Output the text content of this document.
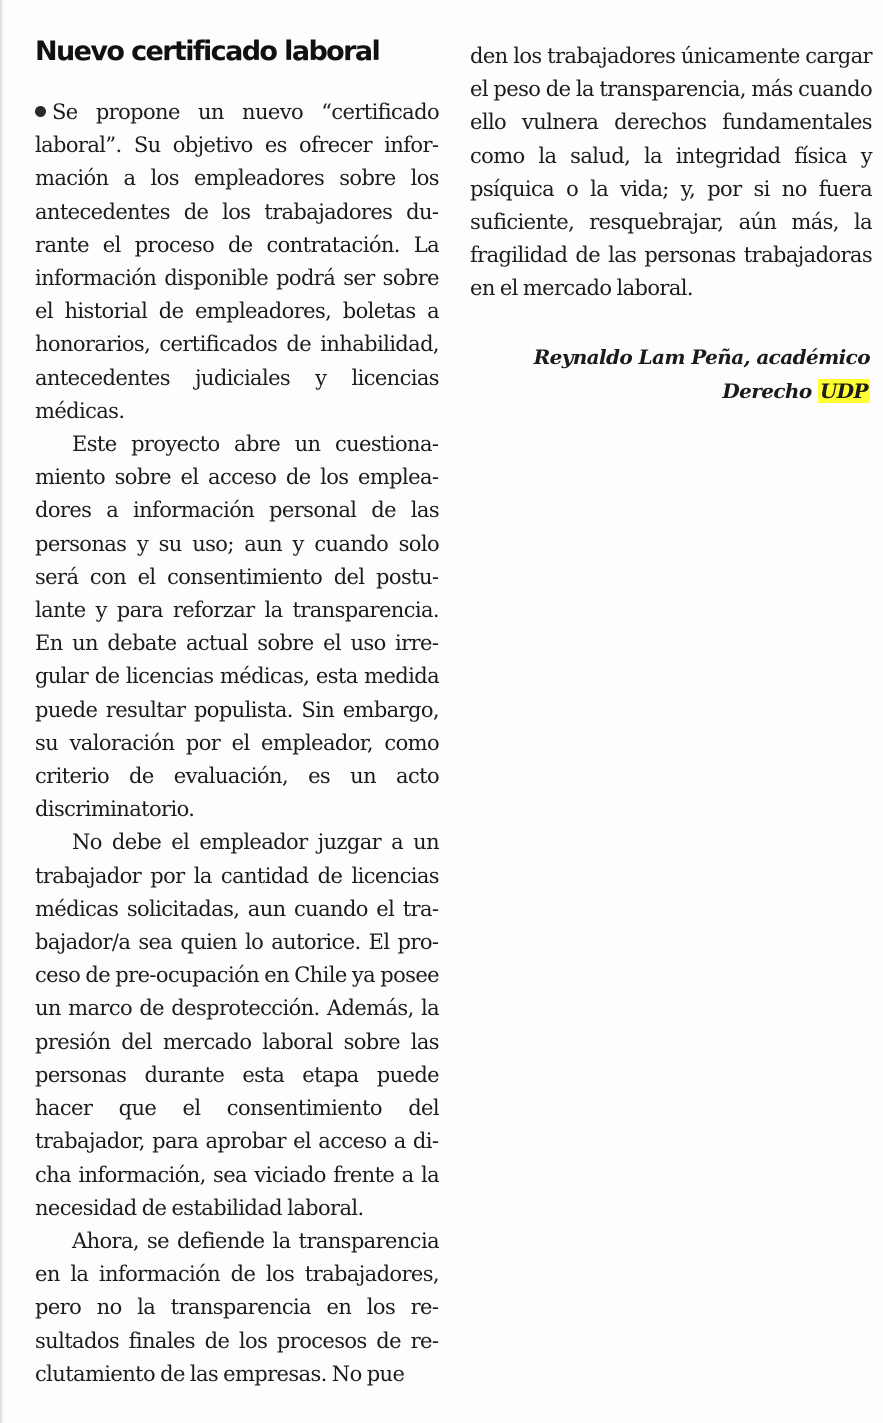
Nuevo certificado laboral

Se propone un nuevo “certificado laboral”. Su objetivo es ofrecer información a los empleadores sobre los antecedentes de los trabajadores durante el proceso de contratación. La información disponible podrá ser sobre el historial de empleadores, boletas a honorarios, certificados de inhabilidad, antecedentes judiciales y licencias médicas.

Este proyecto abre un cuestionamiento sobre el acceso de los empleadores a información personal de las personas y su uso; aun y cuando solo será con el consentimiento del postulante y para reforzar la transparencia. En un debate actual sobre el uso irregular de licencias médicas, esta medida puede resultar populista. Sin embargo, su valoración por el empleador, como criterio de evaluación, es un acto discriminatorio.

No debe el empleador juzgar a un trabajador por la cantidad de licencias médicas solicitadas, aun cuando el trabajador/a sea quien lo autorice. El proceso de pre-ocupación en Chile ya posee un marco de desprotección. Además, la presión del mercado laboral sobre las personas durante esta etapa puede hacer que el consentimiento del trabajador, para aprobar el acceso a dicha información, sea viciado frente a la necesidad de estabilidad laboral.

Ahora, se defiende la transparencia en la información de los trabajadores, pero no la transparencia en los resultados finales de los procesos de reclutamiento de las empresas. No pue

den los trabajadores únicamente cargar el peso de la transparencia, más cuando ello vulnera derechos fundamentales como la salud, la integridad física y psíquica o la vida; y, por si no fuera suficiente, resquebrajar, aún más, la fragilidad de las personas trabajadoras en el mercado laboral.

Reynaldo Lam Peña, académico
Derecho UDP
